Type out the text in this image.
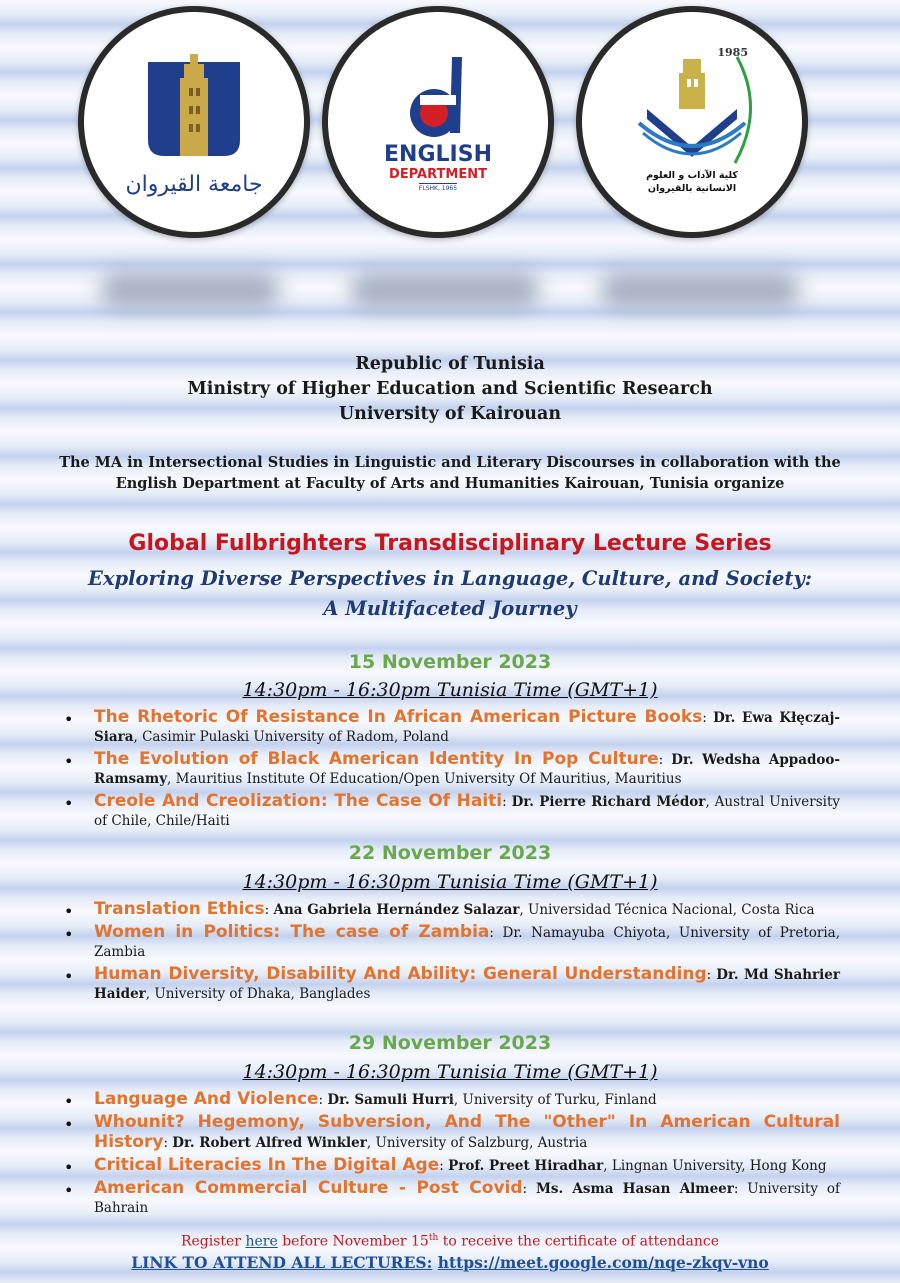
جامعة القيروان
ENGLISH
DEPARTMENT
FLSHK, 1965
1985
كلية الآداب و العلوم الانسانية بالقيروان
Republic of Tunisia
Ministry of Higher Education and Scientific Research
University of Kairouan
The MA in Intersectional Studies in Linguistic and Literary Discourses in collaboration with the English Department at Faculty of Arts and Humanities Kairouan, Tunisia organize
Global Fulbrighters Transdisciplinary Lecture Series
Exploring Diverse Perspectives in Language, Culture, and Society:
A Multifaceted Journey
15 November 2023
14:30pm - 16:30pm Tunisia Time (GMT+1)
• The Rhetoric Of Resistance In African American Picture Books: Dr. Ewa Kłęczaj-Siara, Casimir Pulaski University of Radom, Poland
• The Evolution of Black American Identity In Pop Culture: Dr. Wedsha Appadoo-Ramsamy, Mauritius Institute Of Education/Open University Of Mauritius, Mauritius
• Creole And Creolization: The Case Of Haiti: Dr. Pierre Richard Médor, Austral University of Chile, Chile/Haiti
22 November 2023
14:30pm - 16:30pm Tunisia Time (GMT+1)
• Translation Ethics: Ana Gabriela Hernández Salazar, Universidad Técnica Nacional, Costa Rica
• Women in Politics: The case of Zambia: Dr. Namayuba Chiyota, University of Pretoria, Zambia
• Human Diversity, Disability And Ability: General Understanding: Dr. Md Shahrier Haider, University of Dhaka, Banglades
29 November 2023
14:30pm - 16:30pm Tunisia Time (GMT+1)
• Language And Violence: Dr. Samuli Hurri, University of Turku, Finland
• Whounit? Hegemony, Subversion, And The "Other" In American Cultural History: Dr. Robert Alfred Winkler, University of Salzburg, Austria
• Critical Literacies In The Digital Age: Prof. Preet Hiradhar, Lingnan University, Hong Kong
• American Commercial Culture - Post Covid: Ms. Asma Hasan Almeer: University of Bahrain
Register here before November 15th to receive the certificate of attendance
LINK TO ATTEND ALL LECTURES: https://meet.google.com/nqe-zkqv-vno
